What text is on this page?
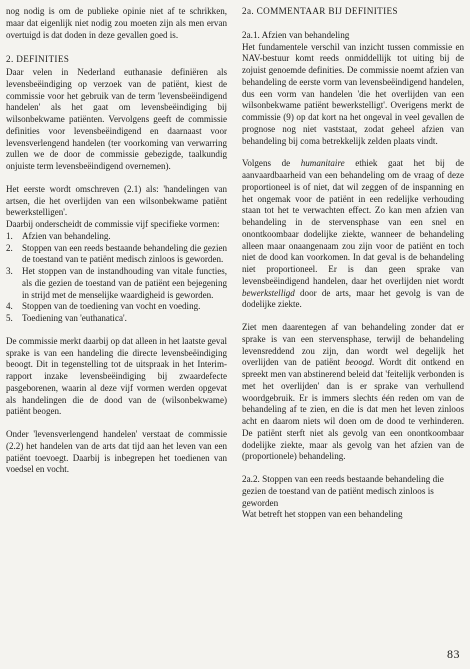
nog nodig is om de publieke opinie niet af te schrikken, maar dat eigenlijk niet nodig zou moeten zijn als men ervan overtuigd is dat doden in deze gevallen goed is.

2. DEFINITIES

Daar velen in Nederland euthanasie definiëren als levensbeëindiging op verzoek van de patiënt, kiest de commissie voor het gebruik van de term 'levensbeëindigend handelen' als het gaat om levensbeëindiging bij wilsonbekwame patiënten. Vervolgens geeft de commissie definities voor levensbeëindigend en daarnaast voor levensverlengend handelen (ter voorkoming van verwarring zullen we de door de commissie gebezigde, taalkundig onjuiste term levensbeëindigend overnemen).

Het eerste wordt omschreven (2.1) als: 'handelingen van artsen, die het overlijden van een wilsonbekwame patiënt bewerkstelligen'.

Daarbij onderscheidt de commissie vijf specifieke vormen:

1. Afzien van behandeling.
2. Stoppen van een reeds bestaande behandeling die gezien de toestand van te patiënt medisch zinloos is geworden.
3. Het stoppen van de instandhouding van vitale functies, als die gezien de toestand van de patiënt een bejegening in strijd met de menselijke waardigheid is geworden.
4. Stoppen van de toediening van vocht en voeding.
5. Toediening van 'euthanatica'.

De commissie merkt daarbij op dat alleen in het laatste geval sprake is van een handeling die directe levensbeëindiging beoogt. Dit in tegenstelling tot de uitspraak in het Interim-rapport inzake levensbeëindiging bij zwaardefecte pasgeborenen, waarin al deze vijf vormen werden opgevat als handelingen die de dood van de (wilsonbekwame) patiënt beogen.

Onder 'levensverlengend handelen' verstaat de commissie (2.2) het handelen van de arts dat tijd aan het leven van een patiënt toevoegt. Daarbij is inbegrepen het toedienen van voedsel en vocht.

2a. COMMENTAAR BIJ DEFINITIES
2a.1. Afzien van behandeling

Het fundamentele verschil van inzicht tussen commissie en NAV-bestuur komt reeds onmiddellijk tot uiting bij de zojuist genoemde definities. De commissie noemt afzien van behandeling de eerste vorm van levensbeëindigend handelen, dus een vorm van handelen 'die het overlijden van een wilsonbekwame patiënt bewerkstelligt'. Overigens merkt de commissie (9) op dat kort na het ongeval in veel gevallen de prognose nog niet vaststaat, zodat geheel afzien van behandeling bij coma betrekkelijk zelden plaats vindt.

Volgens de humanitaire ethiek gaat het bij de aanvaardbaarheid van een behandeling om de vraag of deze proportioneel is of niet, dat wil zeggen of de inspanning en het ongemak voor de patiënt in een redelijke verhouding staan tot het te verwachten effect. Zo kan men afzien van behandeling in de stervensphase van een snel en onontkoombaar dodelijke ziekte, wanneer de behandeling alleen maar onaangenaam zou zijn voor de patiënt en toch niet de dood kan voorkomen. In dat geval is de behandeling niet proportioneel. Er is dan geen sprake van levensbeëindigend handelen, daar het overlijden niet wordt bewerkstelligd door de arts, maar het gevolg is van de dodelijke ziekte.

Ziet men daarentegen af van behandeling zonder dat er sprake is van een stervensphase, terwijl de behandeling levensreddend zou zijn, dan wordt wel degelijk het overlijden van de patiënt beoogd. Wordt dit ontkend en spreekt men van abstinerend beleid dat 'feitelijk verbonden is met het overlijden' dan is er sprake van verhullend woordgebruik. Er is immers slechts één reden om van de behandeling af te zien, en die is dat men het leven zinloos acht en daarom niets wil doen om de dood te verhinderen. De patiënt sterft niet als gevolg van een onontkoombaar dodelijke ziekte, maar als gevolg van het afzien van de (proportionele) behandeling.

2a.2. Stoppen van een reeds bestaande behandeling die gezien de toestand van de patiënt medisch zinloos is geworden

Wat betreft het stoppen van een behandeling

83
